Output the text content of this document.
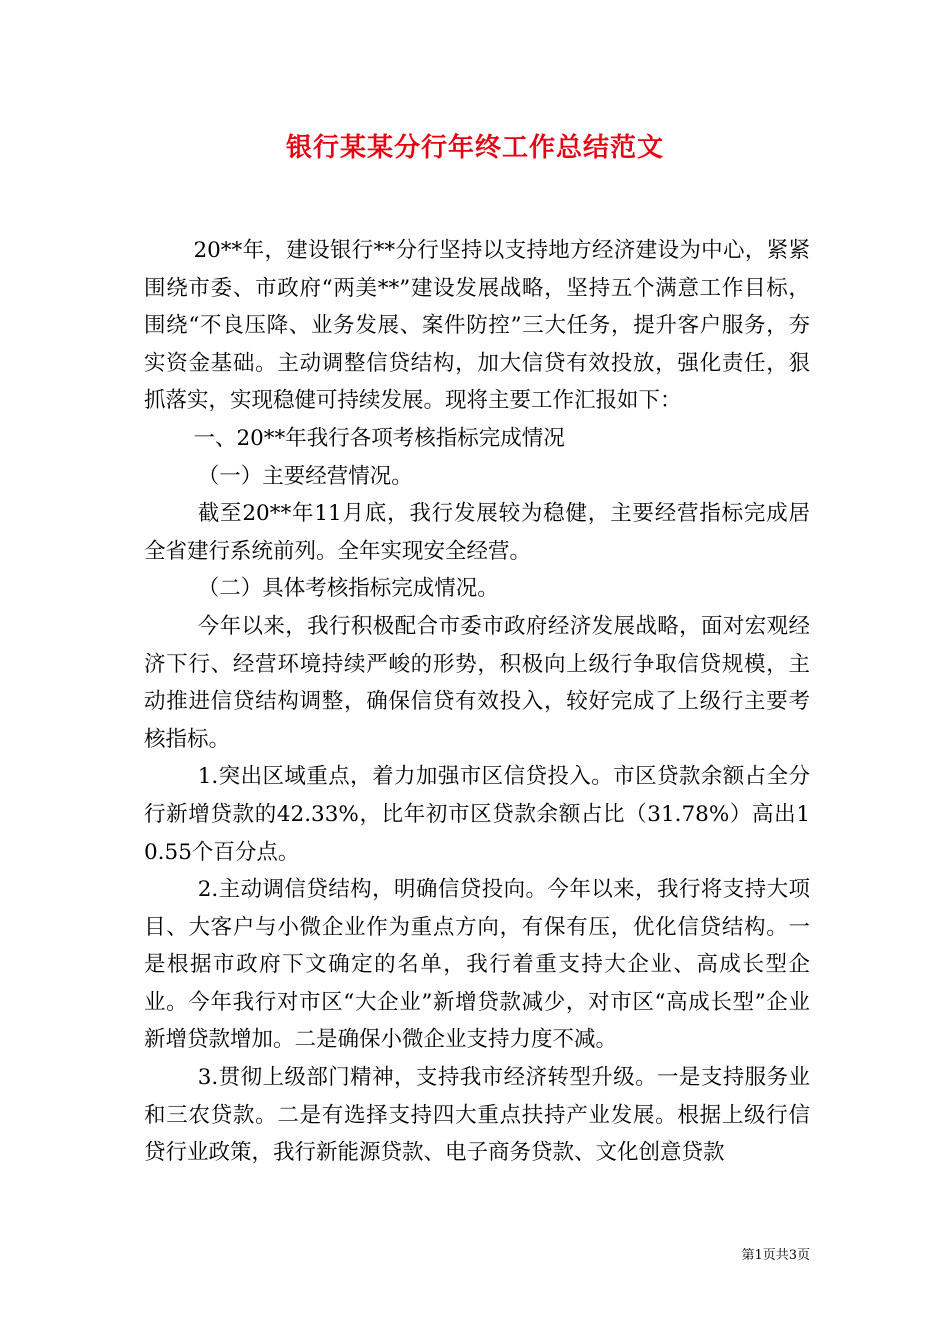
银行某某分行年终工作总结范文

20**年，建设银行**分行坚持以支持地方经济建设为中心，紧紧围绕市委、市政府“两美**”建设发展战略，坚持五个满意工作目标，围绕“不良压降、业务发展、案件防控”三大任务，提升客户服务，夯实资金基础。主动调整信贷结构，加大信贷有效投放，强化责任，狠抓落实，实现稳健可持续发展。现将主要工作汇报如下：

一、20**年我行各项考核指标完成情况

（一）主要经营情况。

截至20**年11月底，我行发展较为稳健，主要经营指标完成居全省建行系统前列。全年实现安全经营。

（二）具体考核指标完成情况。

今年以来，我行积极配合市委市政府经济发展战略，面对宏观经济下行、经营环境持续严峻的形势，积极向上级行争取信贷规模，主动推进信贷结构调整，确保信贷有效投入，较好完成了上级行主要考核指标。

1.突出区域重点，着力加强市区信贷投入。市区贷款余额占全分行新增贷款的42.33%，比年初市区贷款余额占比（31.78%）高出10.55个百分点。

2.主动调信贷结构，明确信贷投向。今年以来，我行将支持大项目、大客户与小微企业作为重点方向，有保有压，优化信贷结构。一是根据市政府下文确定的名单，我行着重支持大企业、高成长型企业。今年我行对市区“大企业”新增贷款减少，对市区“高成长型”企业新增贷款增加。二是确保小微企业支持力度不减。

3.贯彻上级部门精神，支持我市经济转型升级。一是支持服务业和三农贷款。二是有选择支持四大重点扶持产业发展。根据上级行信贷行业政策，我行新能源贷款、电子商务贷款、文化创意贷款

第1页共3页
